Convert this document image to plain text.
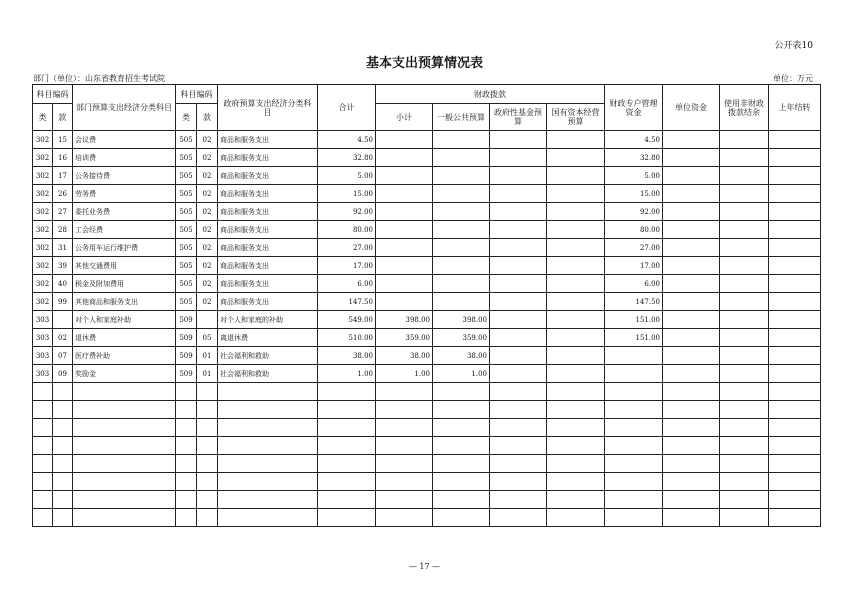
公开表10
基本支出预算情况表
部门（单位）：山东省教育招生考试院	单位：万元
科目编码		部门预算支出经济分类科目	科目编码		政府预算支出经济分类科目	合计	财政拨款				财政专户管理资金	单位资金	使用非财政拨款结余	上年结转
类	款		类	款			小计	一般公共预算	政府性基金预算	国有资本经营预算				
302	15	会议费	505	02	商品和服务支出	4.50					4.50			
302	16	培训费	505	02	商品和服务支出	32.80					32.80			
302	17	公务接待费	505	02	商品和服务支出	5.00					5.00			
302	26	劳务费	505	02	商品和服务支出	15.00					15.00			
302	27	委托业务费	505	02	商品和服务支出	92.00					92.00			
302	28	工会经费	505	02	商品和服务支出	80.00					80.00			
302	31	公务用车运行维护费	505	02	商品和服务支出	27.00					27.00			
302	39	其他交通费用	505	02	商品和服务支出	17.00					17.00			
302	40	税金及附加费用	505	02	商品和服务支出	6.00					6.00			
302	99	其他商品和服务支出	505	02	商品和服务支出	147.50					147.50			
303		对个人和家庭补助	509		对个人和家庭的补助	549.00	398.00	398.00			151.00			
303	02	退休费	509	05	离退休费	510.00	359.00	359.00			151.00			
303	07	医疗费补助	509	01	社会福利和救助	38.00	38.00	38.00						
303	09	奖励金	509	01	社会福利和救助	1.00	1.00	1.00						

— 17 —
